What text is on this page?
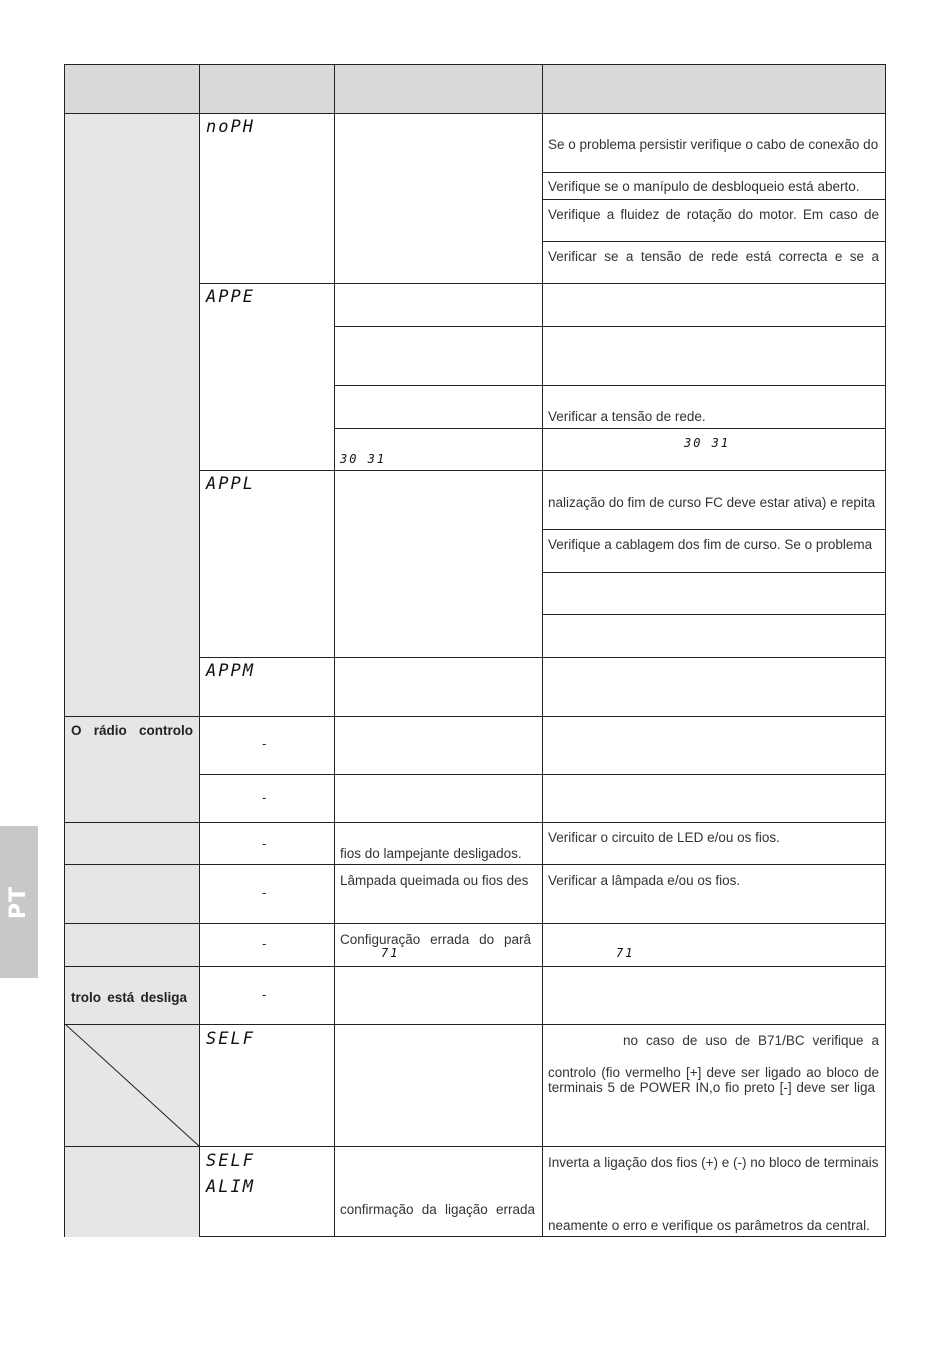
PT
O rádio controlo
trolo está desliga
noPH
APPE
APPL
APPM
SELF
SELF
ALIM
-
-
-
-
-
-
30 31
fios do lampejante desligados.
Lâmpada queimada ou fios des
Configuração errada do parâ
71
confirmação da ligação errada
Se o problema persistir verifique o cabo de conexão do
Verifique se o manípulo de desbloqueio está aberto.
Verifique a fluidez de rotação do motor. Em caso de
Verificar se a tensão de rede está correcta e se a
Verificar a tensão de rede.
30 31
nalização do fim de curso FC deve estar ativa) e repita
Verifique a cablagem dos fim de curso. Se o problema
Verificar o circuito de LED e/ou os fios.
Verificar a lâmpada e/ou os fios.
71
no caso de uso de B71/BC verifique a
controlo (fio vermelho [+] deve ser ligado ao bloco de
terminais 5 de POWER IN,o fio preto [-] deve ser liga
Inverta a ligação dos fios (+) e (-) no bloco de terminais
neamente o erro e verifique os parâmetros da central.
